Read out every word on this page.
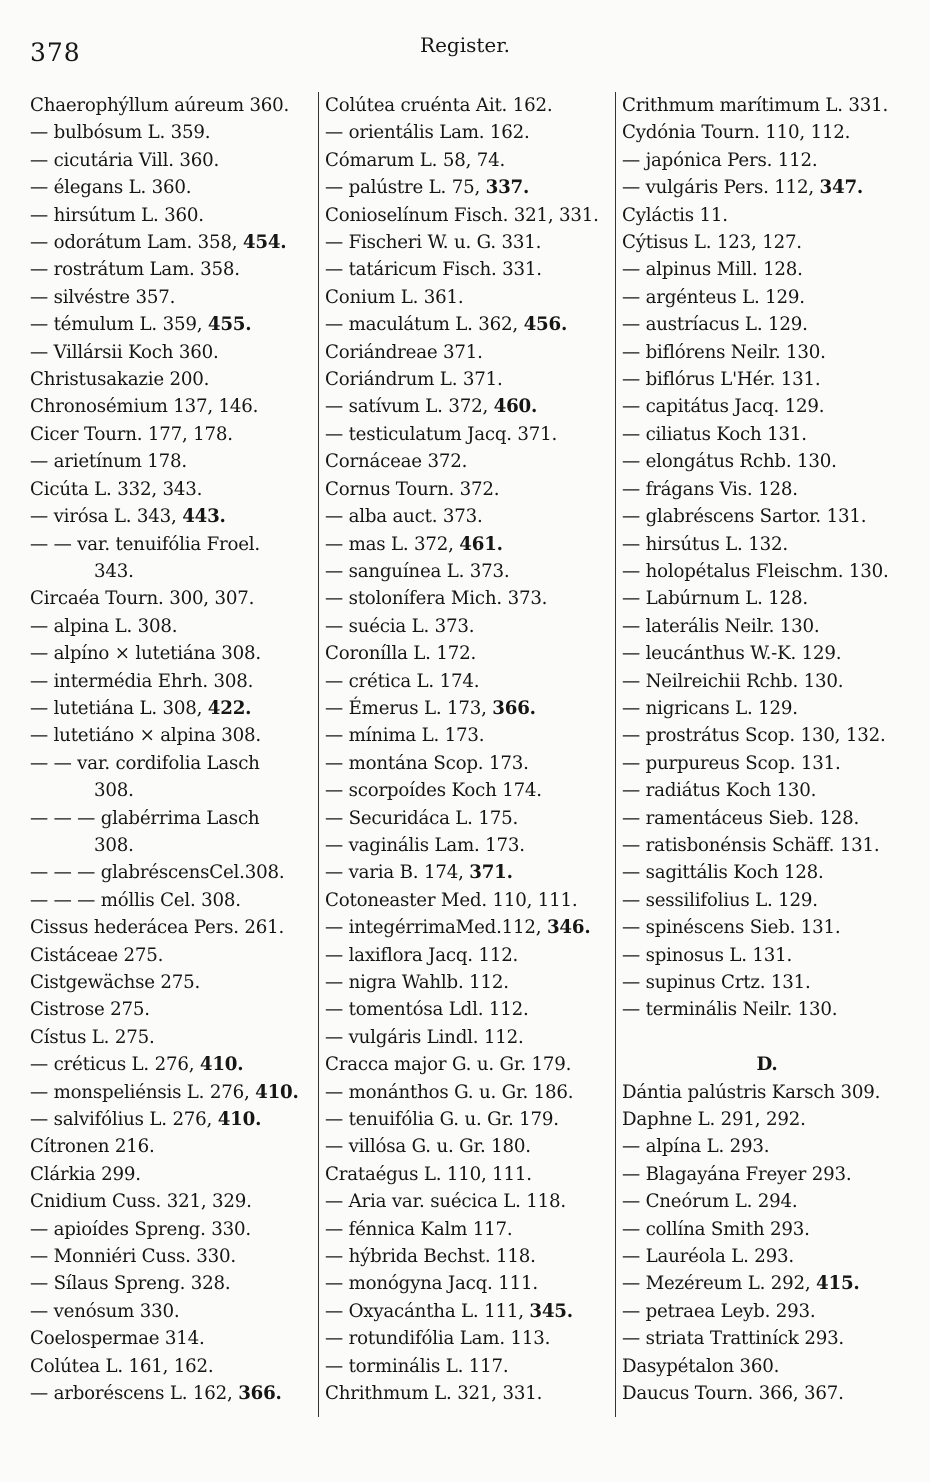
378	Register.
Chaerophýllum aúreum 360.
— bulbósum L. 359.
— cicutária Vill. 360.
— élegans L. 360.
— hirsútum L. 360.
— odorátum Lam. 358, 454.
— rostrátum Lam. 358.
— silvéstre 357.
— témulum L. 359, 455.
— Villársii Koch 360.
Christusakazie 200.
Chronosémium 137, 146.
Cicer Tourn. 177, 178.
— arietínum 178.
Cicúta L. 332, 343.
— virósa L. 343, 443.
— — var. tenuifólia Froel.
343.
Circaéa Tourn. 300, 307.
— alpina L. 308.
— alpíno × lutetiána 308.
— intermédia Ehrh. 308.
— lutetiána L. 308, 422.
— lutetiáno × alpina 308.
— — var. cordifolia Lasch
308.
— — — glabérrima Lasch
308.
— — — glabréscensCel.308.
— — — móllis Cel. 308.
Cissus hederácea Pers. 261.
Cistáceae 275.
Cistgewächse 275.
Cistrose 275.
Cístus L. 275.
— créticus L. 276, 410.
— monspeliénsis L. 276, 410.
— salvifólius L. 276, 410.
Cítronen 216.
Clárkia 299.
Cnidium Cuss. 321, 329.
— apioídes Spreng. 330.
— Monniéri Cuss. 330.
— Sílaus Spreng. 328.
— venósum 330.
Coelospermae 314.
Colútea L. 161, 162.
— arboréscens L. 162, 366.
Colútea cruénta Ait. 162.
— orientális Lam. 162.
Cómarum L. 58, 74.
— palústre L. 75, 337.
Conioselínum Fisch. 321, 331.
— Fischeri W. u. G. 331.
— tatáricum Fisch. 331.
Conium L. 361.
— maculátum L. 362, 456.
Coriándreae 371.
Coriándrum L. 371.
— satívum L. 372, 460.
— testiculatum Jacq. 371.
Cornáceae 372.
Cornus Tourn. 372.
— alba auct. 373.
— mas L. 372, 461.
— sanguínea L. 373.
— stolonífera Mich. 373.
— suécia L. 373.
Coronílla L. 172.
— crética L. 174.
— Émerus L. 173, 366.
— mínima L. 173.
— montána Scop. 173.
— scorpoídes Koch 174.
— Securidáca L. 175.
— vaginális Lam. 173.
— varia B. 174, 371.
Cotoneaster Med. 110, 111.
— integérrimaMed.112, 346.
— laxiflora Jacq. 112.
— nigra Wahlb. 112.
— tomentósa Ldl. 112.
— vulgáris Lindl. 112.
Cracca major G. u. Gr. 179.
— monánthos G. u. Gr. 186.
— tenuifólia G. u. Gr. 179.
— villósa G. u. Gr. 180.
Crataégus L. 110, 111.
— Aria var. suécica L. 118.
— fénnica Kalm 117.
— hýbrida Bechst. 118.
— monógyna Jacq. 111.
— Oxyacántha L. 111, 345.
— rotundifólia Lam. 113.
— torminális L. 117.
Chrithmum L. 321, 331.
Crithmum marítimum L. 331.
Cydónia Tourn. 110, 112.
— japónica Pers. 112.
— vulgáris Pers. 112, 347.
Cyláctis 11.
Cýtisus L. 123, 127.
— alpinus Mill. 128.
— argénteus L. 129.
— austríacus L. 129.
— biflórens Neilr. 130.
— biflórus L'Hér. 131.
— capitátus Jacq. 129.
— ciliatus Koch 131.
— elongátus Rchb. 130.
— frágans Vis. 128.
— glabréscens Sartor. 131.
— hirsútus L. 132.
— holopétalus Fleischm. 130.
— Labúrnum L. 128.
— laterális Neilr. 130.
— leucánthus W.-K. 129.
— Neilreichii Rchb. 130.
— nigricans L. 129.
— prostrátus Scop. 130, 132.
— purpureus Scop. 131.
— radiátus Koch 130.
— ramentáceus Sieb. 128.
— ratisbonénsis Schäff. 131.
— sagittális Koch 128.
— sessilifolius L. 129.
— spinéscens Sieb. 131.
— spinosus L. 131.
— supinus Crtz. 131.
— terminális Neilr. 130.
D.
Dántia palústris Karsch 309.
Daphne L. 291, 292.
— alpína L. 293.
— Blagayána Freyer 293.
— Cneórum L. 294.
— collína Smith 293.
— Lauréola L. 293.
— Mezéreum L. 292, 415.
— petraea Leyb. 293.
— striata Trattiníck 293.
Dasypétalon 360.
Daucus Tourn. 366, 367.
